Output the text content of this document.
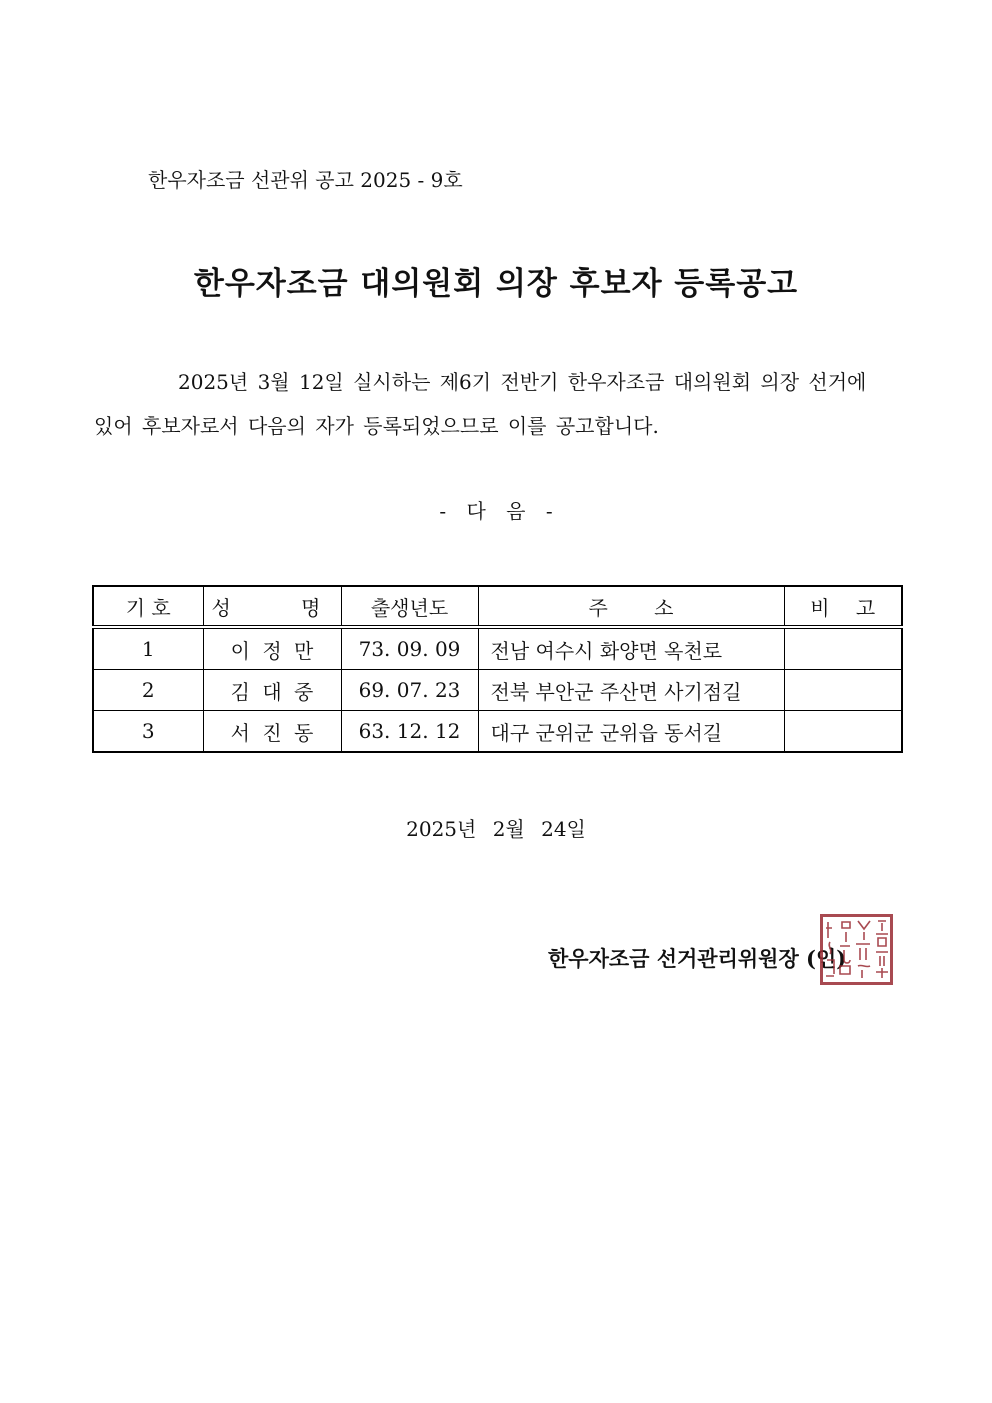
한우자조금 선관위 공고 2025 - 9호
한우자조금 대의원회 의장 후보자 등록공고
2025년 3월 12일 실시하는 제6기 전반기 한우자조금 대의원회 의장 선거에
있어 후보자로서 다음의 자가 등록되었으므로 이를 공고합니다.
- 다 음 -
기 호	성 명	출생년도	주 소	비 고
1	이 정 만	73. 09. 09	전남 여수시 화양면 옥천로	
2	김 대 중	69. 07. 23	전북 부안군 주산면 사기점길	
3	서 진 동	63. 12. 12	대구 군위군 군위읍 동서길	
2025년 2월 24일
한우자조금 선거관리위원장 (인)
